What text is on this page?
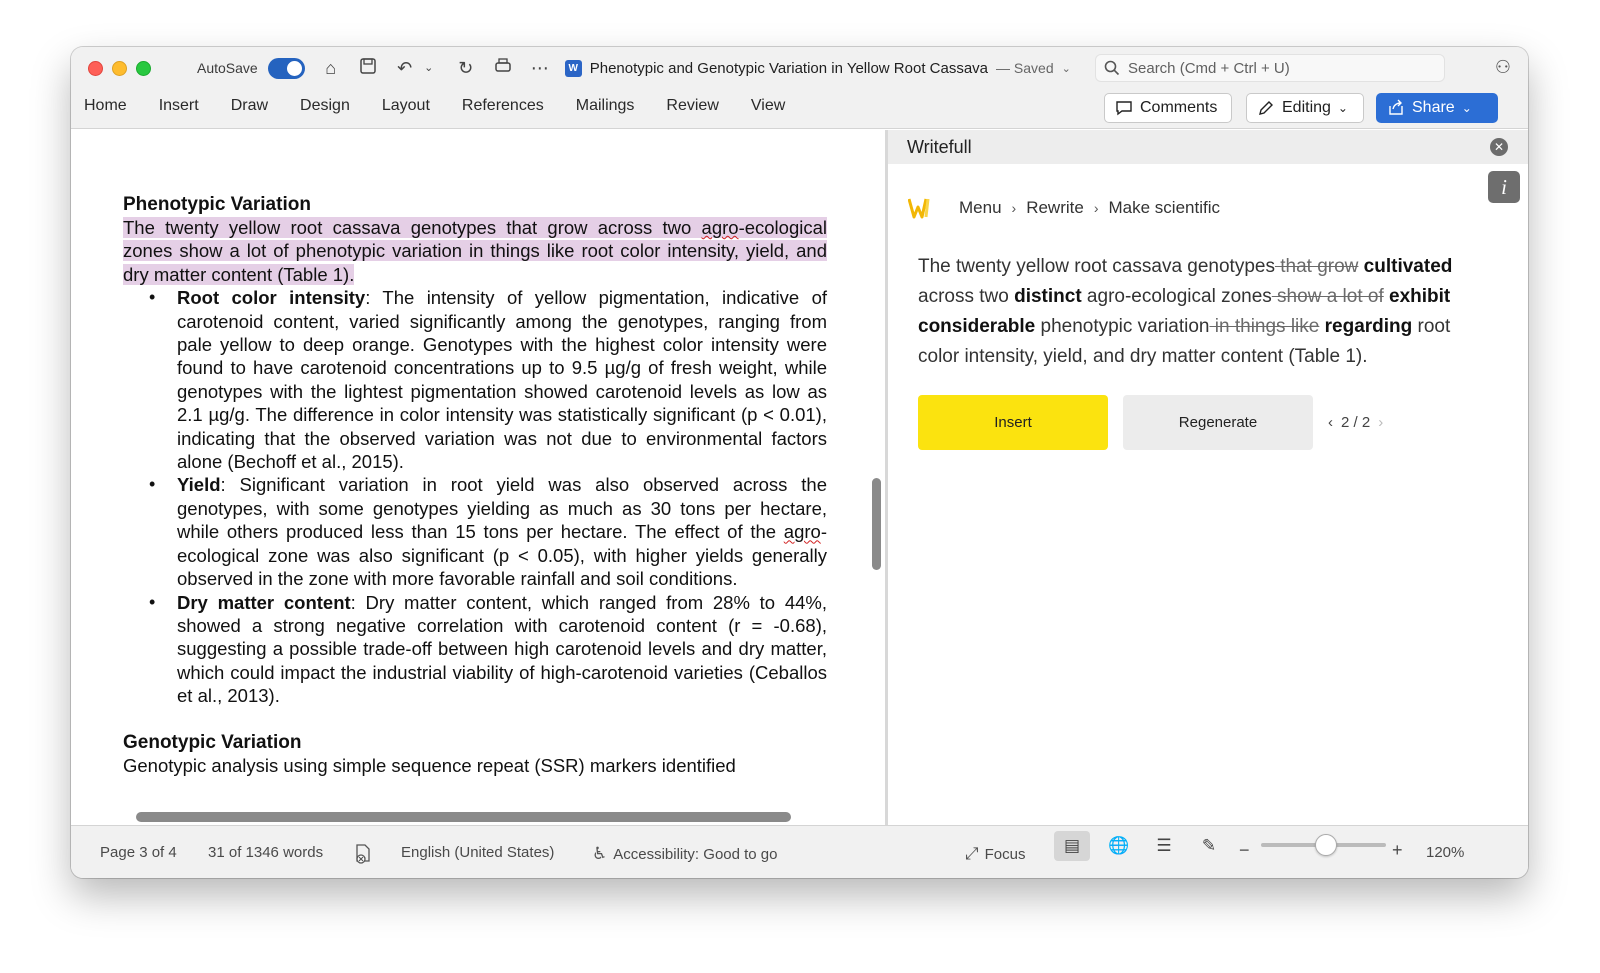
AutoSave	⌂	↶	⌄	↻	⋯	W Phenotypic and Genotypic Variation in Yellow Root Cassava — Saved ⌄	Search (Cmd + Ctrl + U)	⚇
Home Insert Draw Design Layout References Mailings Review View	Comments	Editing ⌄	Share ⌄
Phenotypic Variation

The twenty yellow root cassava genotypes that grow across two agro-ecological zones show a lot of phenotypic variation in things like root color intensity, yield, and dry matter content (Table 1).

• Root color intensity: The intensity of yellow pigmentation, indicative of carotenoid content, varied significantly among the genotypes, ranging from pale yellow to deep orange. Genotypes with the highest color intensity were found to have carotenoid concentrations up to 9.5 µg/g of fresh weight, while genotypes with the lightest pigmentation showed carotenoid levels as low as 2.1 µg/g. The difference in color intensity was statistically significant (p < 0.01), indicating that the observed variation was not due to environmental factors alone (Bechoff et al., 2015).
• Yield: Significant variation in root yield was also observed across the genotypes, with some genotypes yielding as much as 30 tons per hectare, while others produced less than 15 tons per hectare. The effect of the agro-ecological zone was also significant (p < 0.05), with higher yields generally observed in the zone with more favorable rainfall and soil conditions.
• Dry matter content: Dry matter content, which ranged from 28% to 44%, showed a strong negative correlation with carotenoid content (r = -0.68), suggesting a possible trade-off between high carotenoid levels and dry matter, which could impact the industrial viability of high-carotenoid varieties (Ceballos et al., 2013).
Genotypic Variation

Genotypic analysis using simple sequence repeat (SSR) markers identified

Writefull	✕
i
Menu › Rewrite › Make scientific
The twenty yellow root cassava genotypes that grow cultivated across two distinct agro-ecological zones show a lot of exhibit considerable phenotypic variation in things like regarding root color intensity, yield, and dry matter content (Table 1).
Insert	Regenerate	‹ 2 / 2 ›
Page 3 of 4 31 of 1346 words	English (United States) ♿ Accessibility: Good to go	⤢ Focus	▤	🌐	☰	✎	−	+ 120%
